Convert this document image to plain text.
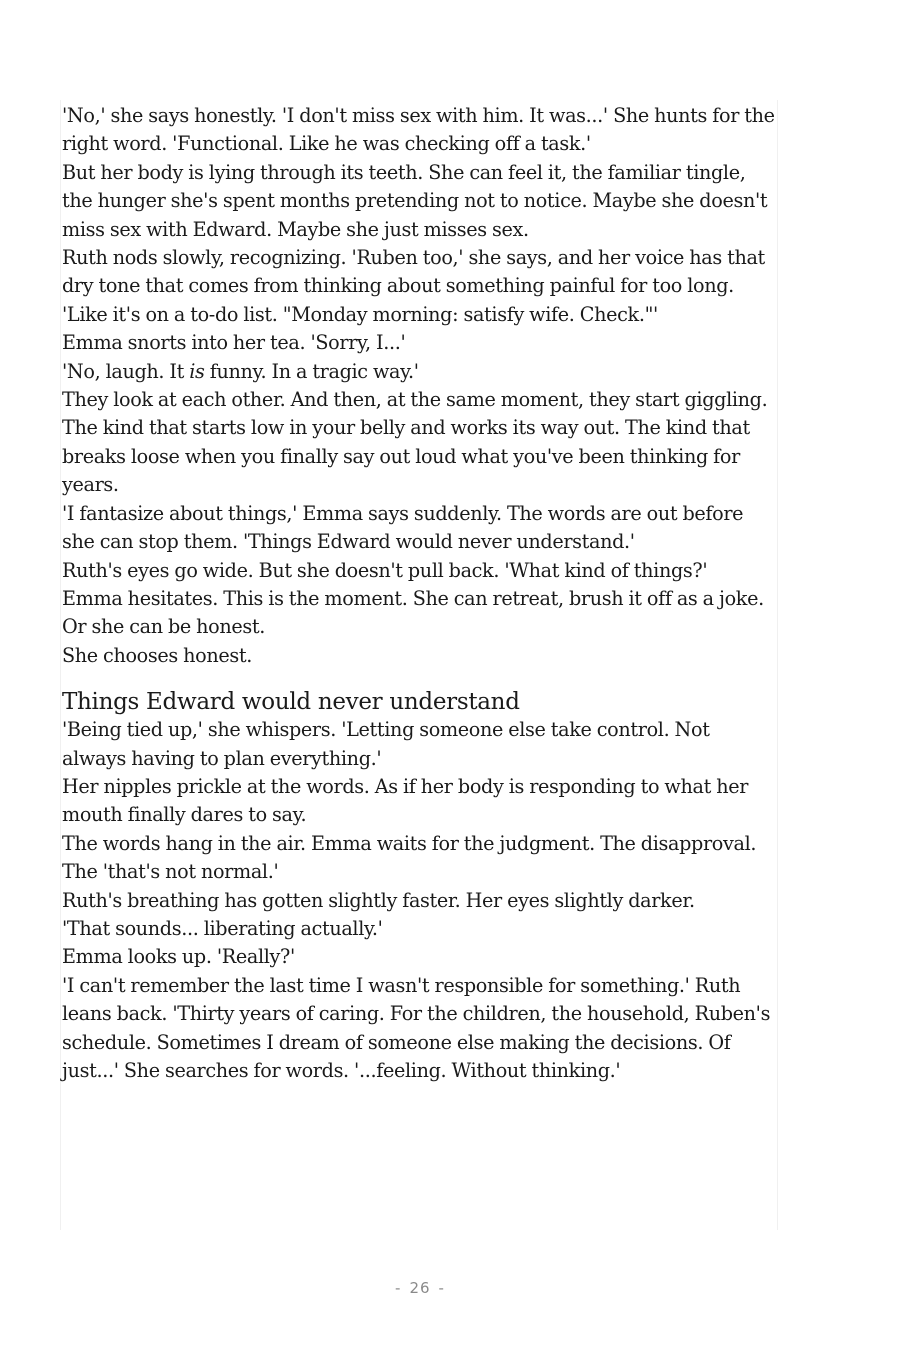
'No,' she says honestly. 'I don't miss sex with him. It was...' She hunts for the right word. 'Functional. Like he was checking off a task.'

But her body is lying through its teeth. She can feel it, the familiar tingle, the hunger she's spent months pretending not to notice. Maybe she doesn't miss sex with Edward. Maybe she just misses sex.

Ruth nods slowly, recognizing. 'Ruben too,' she says, and her voice has that dry tone that comes from thinking about something painful for too long. 'Like it's on a to-do list. "Monday morning: satisfy wife. Check."'

Emma snorts into her tea. 'Sorry, I...'

'No, laugh. It is funny. In a tragic way.'

They look at each other. And then, at the same moment, they start giggling. The kind that starts low in your belly and works its way out. The kind that breaks loose when you finally say out loud what you've been thinking for years.

'I fantasize about things,' Emma says suddenly. The words are out before she can stop them. 'Things Edward would never understand.'

Ruth's eyes go wide. But she doesn't pull back. 'What kind of things?'

Emma hesitates. This is the moment. She can retreat, brush it off as a joke. Or she can be honest.

She chooses honest.

Things Edward would never understand

'Being tied up,' she whispers. 'Letting someone else take control. Not always having to plan everything.'

Her nipples prickle at the words. As if her body is responding to what her mouth finally dares to say.

The words hang in the air. Emma waits for the judgment. The disapproval. The 'that's not normal.'

Ruth's breathing has gotten slightly faster. Her eyes slightly darker.

'That sounds... liberating actually.'

Emma looks up. 'Really?'

'I can't remember the last time I wasn't responsible for something.' Ruth leans back. 'Thirty years of caring. For the children, the household, Ruben's schedule. Sometimes I dream of someone else making the decisions. Of just...' She searches for words. '...feeling. Without thinking.'

- 26 -
